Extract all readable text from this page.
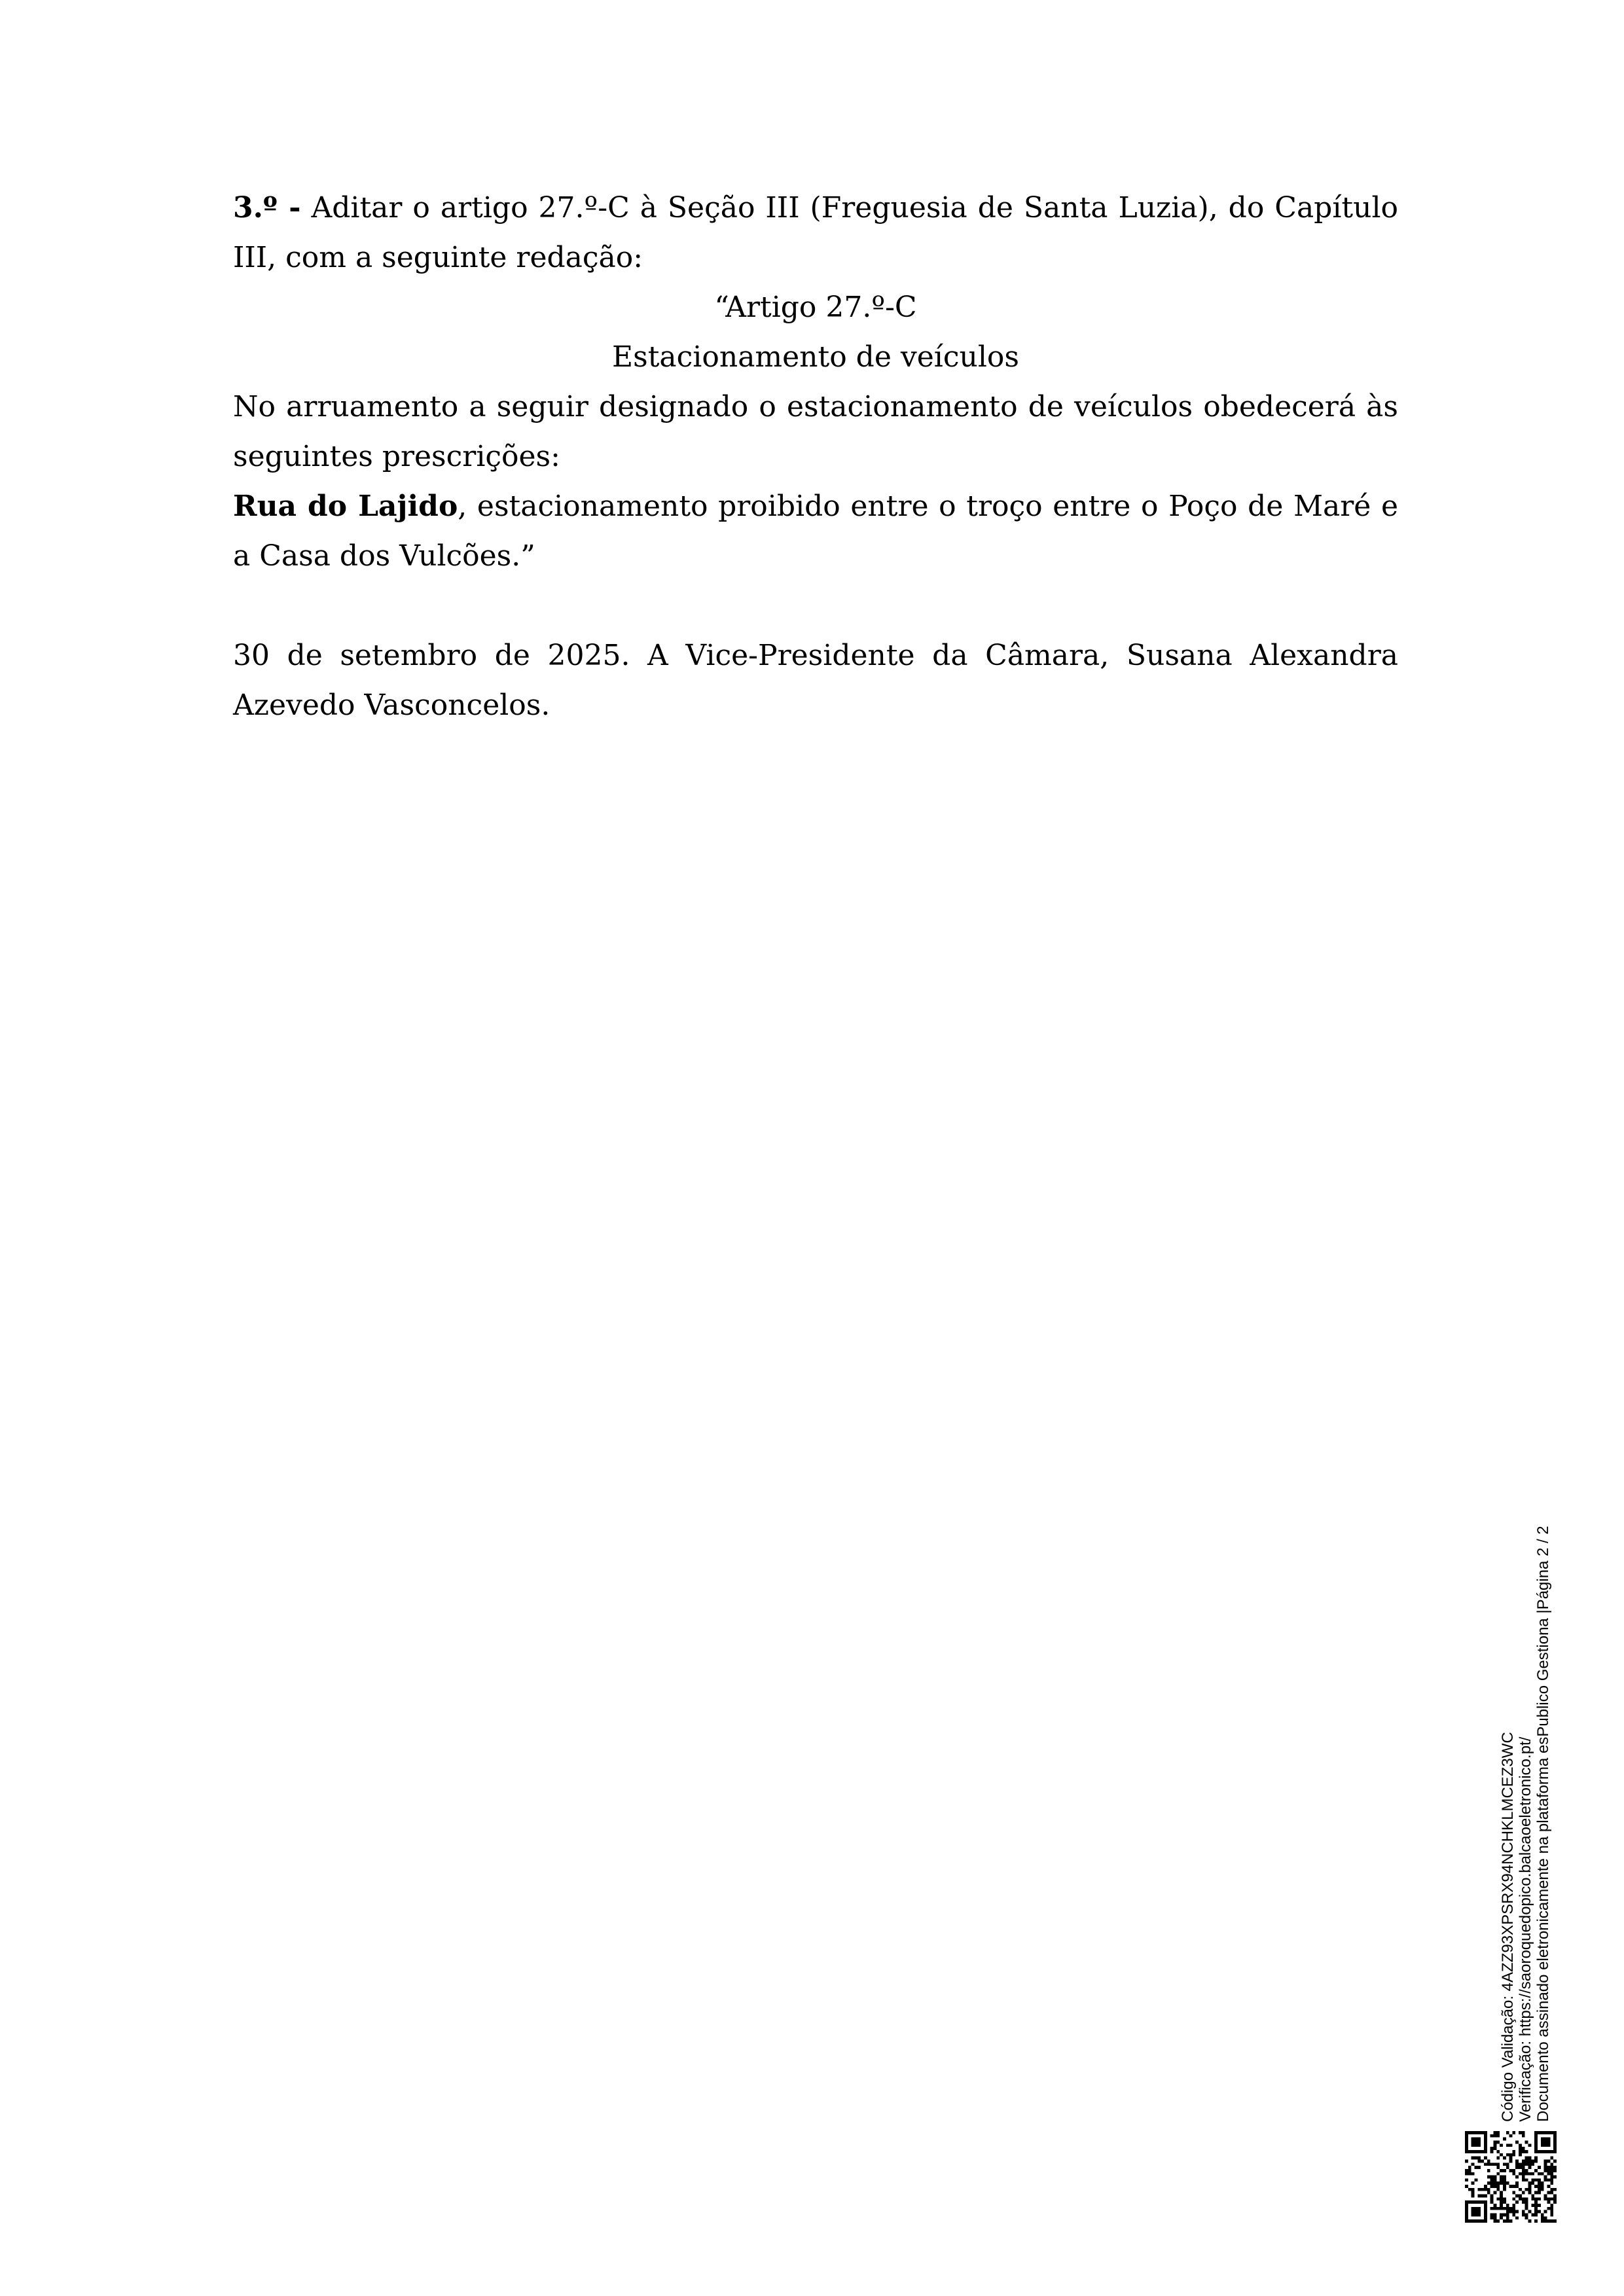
3.º - Aditar o artigo 27.º-C à Seção III (Freguesia de Santa Luzia), do Capítulo III, com a seguinte redação:

“Artigo 27.º-C

Estacionamento de veículos

No arruamento a seguir designado o estacionamento de veículos obedecerá às seguintes prescrições:

Rua do Lajido, estacionamento proibido entre o troço entre o Poço de Maré e a Casa dos Vulcões.”

30 de setembro de 2025. A Vice-Presidente da Câmara, Susana Alexandra Azevedo Vasconcelos.

Código Validação: 4AZZ93XPSRX94NCHKLMCEZ3WC Verificação: https://saoroquedopico.balcaoeletronico.pt/ Documento assinado eletronicamente na plataforma esPublico Gestiona |Página 2 / 2
